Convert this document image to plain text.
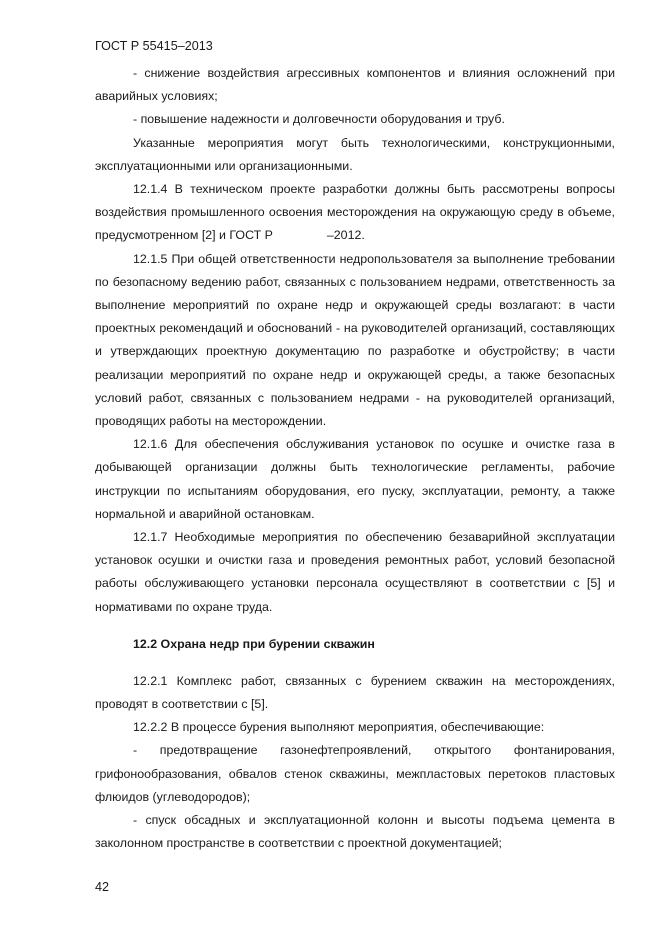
ГОСТ Р 55415–2013

- снижение воздействия агрессивных компонентов и влияния осложнений при аварийных условиях;

- повышение надежности и долговечности оборудования и труб.

Указанные мероприятия могут быть технологическими, конструкционными, эксплуатационными или организационными.

12.1.4 В техническом проекте разработки должны быть рассмотрены вопросы воздействия промышленного освоения месторождения на окружающую среду в объеме, предусмотренном [2] и ГОСТ Р	–2012.

12.1.5 При общей ответственности недропользователя за выполнение требовании по безопасному ведению работ, связанных с пользованием недрами, ответственность за выполнение мероприятий по охране недр и окружающей среды возлагают: в части проектных рекомендаций и обоснований - на руководителей организаций, составляющих и утверждающих проектную документацию по разработке и обустройству; в части реализации мероприятий по охране недр и окружающей среды, а также безопасных условий работ, связанных с пользованием недрами - на руководителей организаций, проводящих работы на месторождении.

12.1.6 Для обеспечения обслуживания установок по осушке и очистке газа в добывающей организации должны быть технологические регламенты, рабочие инструкции по испытаниям оборудования, его пуску, эксплуатации, ремонту, а также нормальной и аварийной остановкам.

12.1.7 Необходимые мероприятия по обеспечению безаварийной эксплуатации установок осушки и очистки газа и проведения ремонтных работ, условий безопасной работы обслуживающего установки персонала осуществляют в соответствии с [5] и нормативами по охране труда.

12.2 Охрана недр при бурении скважин

12.2.1 Комплекс работ, связанных с бурением скважин на месторождениях, проводят в соответствии с [5].

12.2.2 В процессе бурения выполняют мероприятия, обеспечивающие:

- предотвращение газонефтепроявлений, открытого фонтанирования, грифонообразования, обвалов стенок скважины, межпластовых перетоков пластовых флюидов (углеводородов);

- спуск обсадных и эксплуатационной колонн и высоты подъема цемента в заколонном пространстве в соответствии с проектной документацией;

42
